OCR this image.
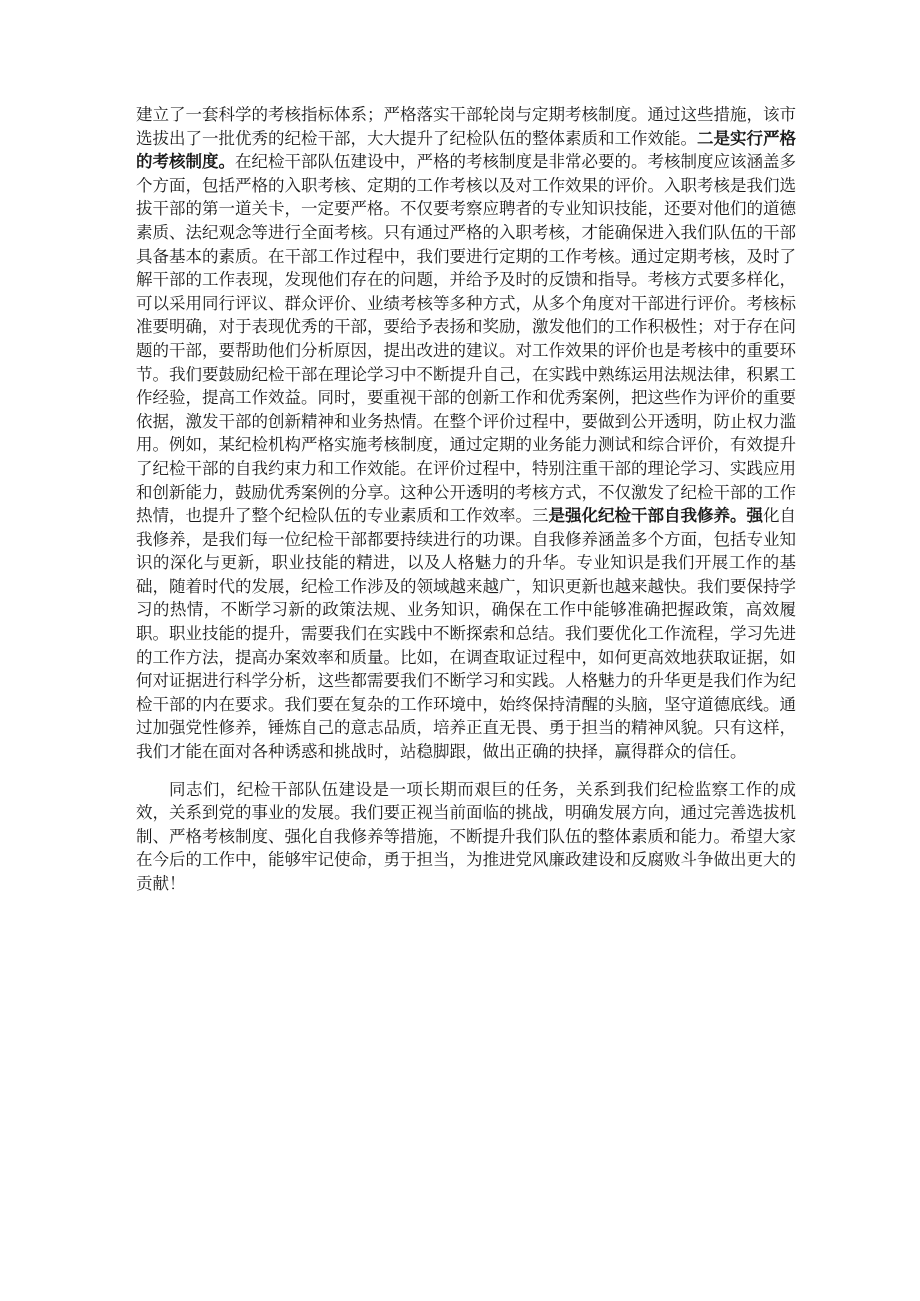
建立了一套科学的考核指标体系；严格落实干部轮岗与定期考核制度。通过这些措施，该市选拔出了一批优秀的纪检干部，大大提升了纪检队伍的整体素质和工作效能。二是实行严格的考核制度。在纪检干部队伍建设中，严格的考核制度是非常必要的。考核制度应该涵盖多个方面，包括严格的入职考核、定期的工作考核以及对工作效果的评价。入职考核是我们选拔干部的第一道关卡，一定要严格。不仅要考察应聘者的专业知识技能，还要对他们的道德素质、法纪观念等进行全面考核。只有通过严格的入职考核，才能确保进入我们队伍的干部具备基本的素质。在干部工作过程中，我们要进行定期的工作考核。通过定期考核，及时了解干部的工作表现，发现他们存在的问题，并给予及时的反馈和指导。考核方式要多样化，可以采用同行评议、群众评价、业绩考核等多种方式，从多个角度对干部进行评价。考核标准要明确，对于表现优秀的干部，要给予表扬和奖励，激发他们的工作积极性；对于存在问题的干部，要帮助他们分析原因，提出改进的建议。对工作效果的评价也是考核中的重要环节。我们要鼓励纪检干部在理论学习中不断提升自己，在实践中熟练运用法规法律，积累工作经验，提高工作效益。同时，要重视干部的创新工作和优秀案例，把这些作为评价的重要依据，激发干部的创新精神和业务热情。在整个评价过程中，要做到公开透明，防止权力滥用。例如，某纪检机构严格实施考核制度，通过定期的业务能力测试和综合评价，有效提升了纪检干部的自我约束力和工作效能。在评价过程中，特别注重干部的理论学习、实践应用和创新能力，鼓励优秀案例的分享。这种公开透明的考核方式，不仅激发了纪检干部的工作热情，也提升了整个纪检队伍的专业素质和工作效率。三是强化纪检干部自我修养。强化自我修养，是我们每一位纪检干部都要持续进行的功课。自我修养涵盖多个方面，包括专业知识的深化与更新，职业技能的精进，以及人格魅力的升华。专业知识是我们开展工作的基础，随着时代的发展，纪检工作涉及的领域越来越广，知识更新也越来越快。我们要保持学习的热情，不断学习新的政策法规、业务知识，确保在工作中能够准确把握政策，高效履职。职业技能的提升，需要我们在实践中不断探索和总结。我们要优化工作流程，学习先进的工作方法，提高办案效率和质量。比如，在调查取证过程中，如何更高效地获取证据，如何对证据进行科学分析，这些都需要我们不断学习和实践。人格魅力的升华更是我们作为纪检干部的内在要求。我们要在复杂的工作环境中，始终保持清醒的头脑，坚守道德底线。通过加强党性修养，锤炼自己的意志品质，培养正直无畏、勇于担当的精神风貌。只有这样，我们才能在面对各种诱惑和挑战时，站稳脚跟，做出正确的抉择，赢得群众的信任。

同志们，纪检干部队伍建设是一项长期而艰巨的任务，关系到我们纪检监察工作的成效，关系到党的事业的发展。我们要正视当前面临的挑战，明确发展方向，通过完善选拔机制、严格考核制度、强化自我修养等措施，不断提升我们队伍的整体素质和能力。希望大家在今后的工作中，能够牢记使命，勇于担当，为推进党风廉政建设和反腐败斗争做出更大的贡献！
